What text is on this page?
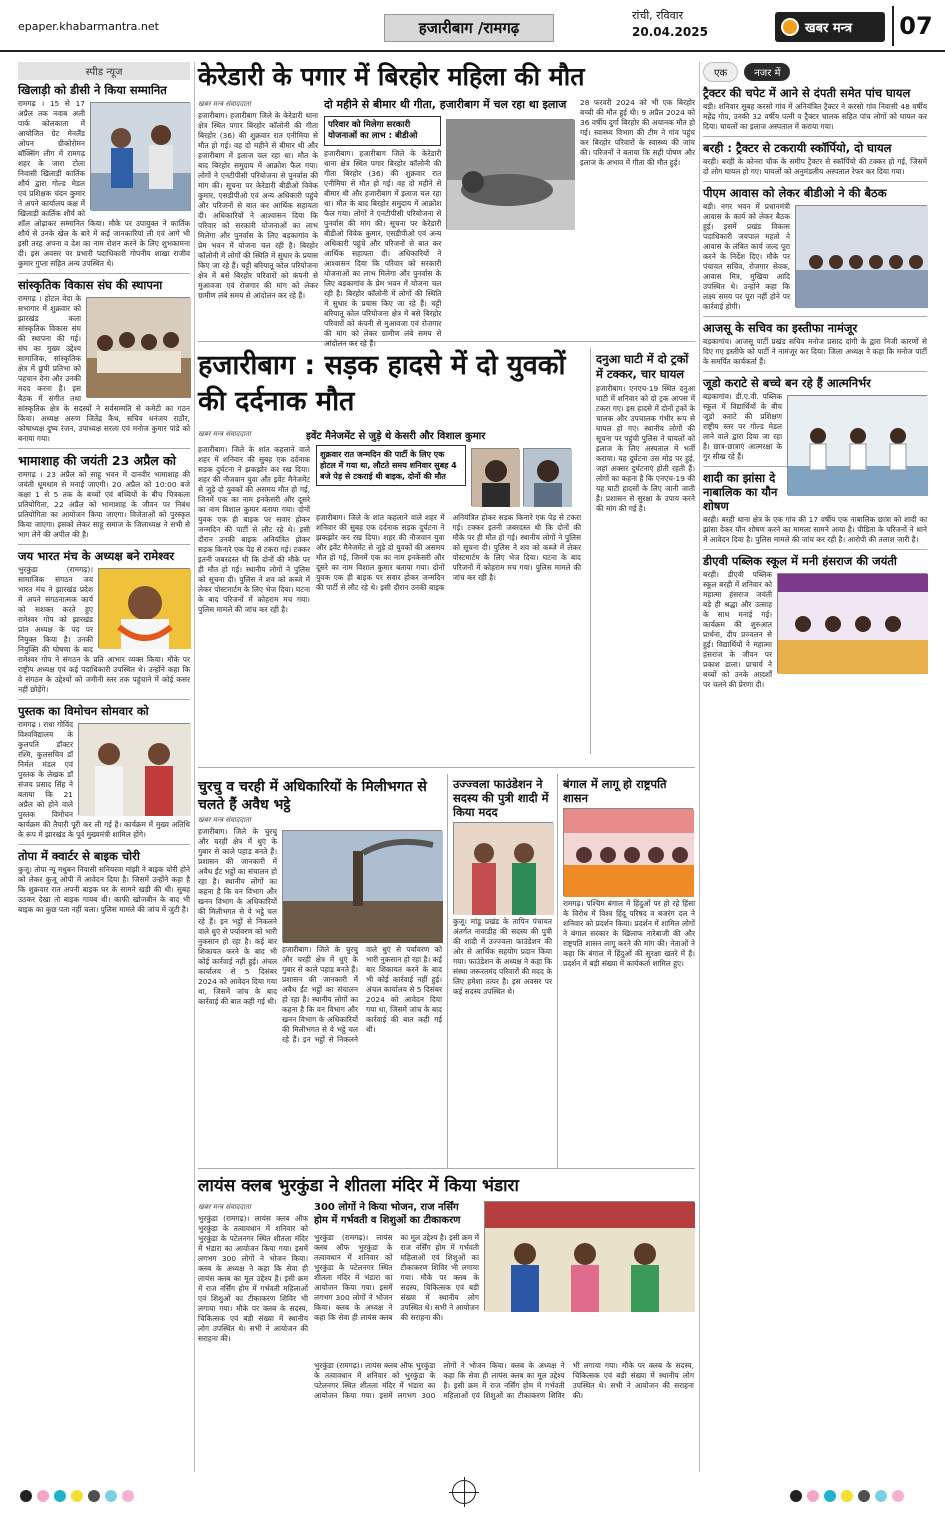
epaper.khabarmantra.net	हजारीबाग /रामगढ़
रांची, रविवार
20.04.2025	खबर मन्त्र	07
स्पीड न्यूज
खिलाड़ी को डीसी ने किया सम्मानित
रामगढ़ । 15 से 17 अप्रैल तक नवाब अली पार्क कोलकाता में आयोजित ग्रेट मेनलैंड ओपन ग्रीकोरोमन बॉक्सिंग लीग में रामगढ़ शहर के जारा टोला निवासी खिलाड़ी कार्तिक शौर्य द्वारा गोल्ड मेडल एवं प्रशिक्षक चंदन कुमार ने अपने कार्यालय कक्ष में खिलाड़ी कार्तिक शौर्य को शॉल ओढ़ाकर सम्मानित किया। मौके पर उपायुक्त ने कार्तिक शौर्य से उनके खेल के बारे में कई जानकारियां ली एवं आगे भी इसी तरह अपना व देश का नाम रोशन करने के लिए शुभकामना दी। इस अवसर पर प्रभारी पदाधिकारी गोपनीय शाखा राजीव कुमार गुप्ता सहित अन्य उपस्थित थे।
सांस्कृतिक विकास संघ की स्थापना
रामगढ़ । होटल वेदा के सभागार में शुक्रवार को झारखंड कला सांस्कृतिक विकास संघ की स्थापना की गई। संघ का मुख्य उद्देश्य सामाजिक, सांस्कृतिक क्षेत्र में छुपी प्रतिभा को पहचान देना और उनकी मदद करना है। इस बैठक में संगीत तथा सांस्कृतिक क्षेत्र के सदस्यों ने सर्वसम्मति से कमेटी का गठन किया। अध्यक्ष अरुण जितेंद्र कैथ, सचिव धनंजय राठौर, कोषाध्यक्ष दुष्य रंजन, उपाध्यक्ष सरला एवं मनोज कुमार पांडे को बनाया गया।
भामाशाह की जयंती 23 अप्रैल को
रामगढ़ । 23 अप्रैल को साहू भवन में दानवीर भामाशाह की जयंती धूमधाम से मनाई जाएगी। 20 अप्रैल को 10:00 बजे कक्षा 1 से 5 तक के बच्चों एवं बच्चियों के बीच चित्रकला प्रतियोगिता, 22 अप्रैल को भामाशाह के जीवन पर निबंध प्रतियोगिता का आयोजन किया जाएगा। विजेताओं को पुरस्कृत किया जाएगा। इसको लेकर साहू समाज के जिलाध्यक्ष ने सभी से भाग लेने की अपील की है।
जय भारत मंच के अध्यक्ष बने रामेश्वर
भुरकुंडा (रामगढ़)। सामाजिक संगठन जय भारत मंच ने झारखंड प्रदेश में अपने संगठनात्मक कार्य को सशक्त करते हुए रामेश्वर गोप को झारखंड प्रांत अध्यक्ष के पद पर नियुक्त किया है। उनकी नियुक्ति की घोषणा के बाद रामेश्वर गोप ने संगठन के प्रति आभार व्यक्त किया। मौके पर राष्ट्रीय अध्यक्ष एवं कई पदाधिकारी उपस्थित थे। उन्होंने कहा कि वे संगठन के उद्देश्यों को जमीनी स्तर तक पहुंचाने में कोई कसर नहीं छोड़ेंगे।
पुस्तक का विमोचन सोमवार को
रामगढ़ । राधा गोविंद विश्वविद्यालय के कुलपति डॉक्टर रश्मि, कुलसचिव डॉ निर्मल मंडल एवं पुस्तक के लेखक डॉ संजय प्रसाद सिंह ने बताया कि 21 अप्रैल को होने वाले पुस्तक विमोचन कार्यक्रम की तैयारी पूरी कर ली गई है। कार्यक्रम में मुख्य अतिथि के रूप में झारखंड के पूर्व मुख्यमंत्री शामिल होंगे।
तोपा में क्वार्टर से बाइक चोरी
कुजू। तोपा न्यू मधुबन निवासी सनियरवा मांझी ने बाइक चोरी होने को लेकर कुजू ओपी में आवेदन दिया है। जिसमें उन्होंने कहा है कि शुक्रवार रात अपनी बाइक घर के सामने खड़ी की थी। सुबह उठकर देखा तो बाइक गायब थी। काफी खोजबीन के बाद भी बाइक का कुछ पता नहीं चला। पुलिस मामले की जांच में जुटी है।
केरेडारी के पगार में बिरहोर महिला की मौत
खबर मन्त्र संवाददाता
हजारीबाग। हजारीबाग जिले के केरेडारी थाना क्षेत्र स्थित पगार बिरहोर कॉलोनी की गीता बिरहोर (36) की शुक्रवार रात एनीमिया से मौत हो गई। वह दो महीने से बीमार थी और हजारीबाग में इलाज चल रहा था। मौत के बाद बिरहोर समुदाय में आक्रोश फैल गया। लोगों ने एनटीपीसी परियोजना से पुनर्वास की मांग की। सूचना पर केरेडारी बीडीओ विवेक कुमार, एसडीपीओ एवं अन्य अधिकारी पहुंचे और परिजनों से बात कर आर्थिक सहायता दी। अधिकारियों ने आश्वासन दिया कि परिवार को सरकारी योजनाओं का लाभ मिलेगा और पुनर्वास के लिए बड़कागांव के प्रेम भवन में योजना चल रही है। बिरहोर कॉलोनी में लोगों की स्थिति में सुधार के प्रयास किए जा रहे हैं। चट्टी बरियातू कोल परियोजना क्षेत्र में बसे बिरहोर परिवारों को कंपनी से मुआवजा एवं रोजगार की मांग को लेकर ग्रामीण लंबे समय से आंदोलन कर रहे हैं।
दो महीने से बीमार थी गीता, हजारीबाग में चल रहा था इलाज
परिवार को मिलेगा सरकारी योजनाओं का लाभ : बीडीओ
हजारीबाग। हजारीबाग जिले के केरेडारी थाना क्षेत्र स्थित पगार बिरहोर कॉलोनी की गीता बिरहोर (36) की शुक्रवार रात एनीमिया से मौत हो गई। वह दो महीने से बीमार थी और हजारीबाग में इलाज चल रहा था। मौत के बाद बिरहोर समुदाय में आक्रोश फैल गया। लोगों ने एनटीपीसी परियोजना से पुनर्वास की मांग की। सूचना पर केरेडारी बीडीओ विवेक कुमार, एसडीपीओ एवं अन्य अधिकारी पहुंचे और परिजनों से बात कर आर्थिक सहायता दी। अधिकारियों ने आश्वासन दिया कि परिवार को सरकारी योजनाओं का लाभ मिलेगा और पुनर्वास के लिए बड़कागांव के प्रेम भवन में योजना चल रही है। बिरहोर कॉलोनी में लोगों की स्थिति में सुधार के प्रयास किए जा रहे हैं। चट्टी बरियातू कोल परियोजना क्षेत्र में बसे बिरहोर परिवारों को कंपनी से मुआवजा एवं रोजगार की मांग को लेकर ग्रामीण लंबे समय से आंदोलन कर रहे हैं।
28 फरवरी 2024 को भी एक बिरहोर बच्ची की मौत हुई थी। 9 अप्रैल 2024 को 36 वर्षीय दुर्गा बिरहोर की अचानक मौत हो गई। स्वास्थ्य विभाग की टीम ने गांव पहुंच कर बिरहोर परिवारों के स्वास्थ्य की जांच की। परिजनों ने बताया कि सही पोषण और इलाज के अभाव में गीता की मौत हुई।
हजारीबाग : सड़क हादसे में दो युवकों की दर्दनाक मौत
खबर मन्त्र संवाददाता	इवेंट मैनेजमेंट से जुड़े थे केसरी और विशाल कुमार
हजारीबाग। जिले के शांत कहलाने वाले शहर में शनिवार की सुबह एक दर्दनाक सड़क दुर्घटना ने झकझोर कर रख दिया। शहर की नौजवान युवा और इवेंट मैनेजमेंट से जुड़े दो युवकों की असमय मौत हो गई, जिनमें एक का नाम इनकेसरी और दूसरे का नाम विशाल कुमार बताया गया। दोनों युवक एक ही बाइक पर सवार होकर जन्मदिन की पार्टी से लौट रहे थे। इसी दौरान उनकी बाइक अनियंत्रित होकर सड़क किनारे एक पेड़ से टकरा गई। टक्कर इतनी जबरदस्त थी कि दोनों की मौके पर ही मौत हो गई। स्थानीय लोगों ने पुलिस को सूचना दी। पुलिस ने शव को कब्जे में लेकर पोस्टमार्टम के लिए भेज दिया। घटना के बाद परिजनों में कोहराम मच गया। पुलिस मामले की जांच कर रही है।
शुक्रवार रात जन्मदिन की पार्टी के लिए एक होटल में गया था, लौटते समय शनिवार सुबह 4 बजे पेड़ से टकराई थी बाइक, दोनों की मौत
हजारीबाग। जिले के शांत कहलाने वाले शहर में शनिवार की सुबह एक दर्दनाक सड़क दुर्घटना ने झकझोर कर रख दिया। शहर की नौजवान युवा और इवेंट मैनेजमेंट से जुड़े दो युवकों की असमय मौत हो गई, जिनमें एक का नाम इनकेसरी और दूसरे का नाम विशाल कुमार बताया गया। दोनों युवक एक ही बाइक पर सवार होकर जन्मदिन की पार्टी से लौट रहे थे। इसी दौरान उनकी बाइक अनियंत्रित होकर सड़क किनारे एक पेड़ से टकरा गई। टक्कर इतनी जबरदस्त थी कि दोनों की मौके पर ही मौत हो गई। स्थानीय लोगों ने पुलिस को सूचना दी। पुलिस ने शव को कब्जे में लेकर पोस्टमार्टम के लिए भेज दिया। घटना के बाद परिजनों में कोहराम मच गया। पुलिस मामले की जांच कर रही है।
दनुआ घाटी में दो ट्रकों में टक्कर, चार घायल
हजारीबाग। एनएच-19 स्थित दनुआ घाटी में शनिवार को दो ट्रक आपस में टकरा गए। इस हादसे में दोनों ट्रकों के चालक और उपचालक गंभीर रूप से घायल हो गए। स्थानीय लोगों की सूचना पर पहुंची पुलिस ने घायलों को इलाज के लिए अस्पताल में भर्ती कराया। यह दुर्घटना उस मोड़ पर हुई, जहां अक्सर दुर्घटनाएं होती रहती हैं। लोगों का कहना है कि एनएच-19 की यह घाटी हादसों के लिए जानी जाती है। प्रशासन से सुरक्षा के उपाय करने की मांग की गई है।
चुरचु व चरही में अधिकारियों के मिलीभगत से चलते हैं अवैध भट्ठे
खबर मन्त्र संवाददाता
हजारीबाग। जिले के चुरचु और चरही क्षेत्र में धुएं के गुबार से काले पहाड़ बनते हैं। प्रशासन की जानकारी में अवैध ईंट भट्ठों का संचालन हो रहा है। स्थानीय लोगों का कहना है कि वन विभाग और खनन विभाग के अधिकारियों की मिलीभगत से ये भट्ठे चल रहे हैं। इन भट्ठों से निकलने वाले धुएं से पर्यावरण को भारी नुकसान हो रहा है। कई बार शिकायत करने के बाद भी कोई कार्रवाई नहीं हुई। अंचल कार्यालय से 5 दिसंबर 2024 को आवेदन दिया गया था, जिसमें जांच के बाद कार्रवाई की बात कही गई थी।
हजारीबाग। जिले के चुरचु और चरही क्षेत्र में धुएं के गुबार से काले पहाड़ बनते हैं। प्रशासन की जानकारी में अवैध ईंट भट्ठों का संचालन हो रहा है। स्थानीय लोगों का कहना है कि वन विभाग और खनन विभाग के अधिकारियों की मिलीभगत से ये भट्ठे चल रहे हैं। इन भट्ठों से निकलने वाले धुएं से पर्यावरण को भारी नुकसान हो रहा है। कई बार शिकायत करने के बाद भी कोई कार्रवाई नहीं हुई। अंचल कार्यालय से 5 दिसंबर 2024 को आवेदन दिया गया था, जिसमें जांच के बाद कार्रवाई की बात कही गई थी।
उज्ज्वला फाउंडेशन ने सदस्य की पुत्री शादी में किया मदद
कुजू। मांडू प्रखंड के तापिन पंचायत अंतर्गत नावाडीह की सदस्य की पुत्री की शादी में उज्ज्वला फाउंडेशन की ओर से आर्थिक सहयोग प्रदान किया गया। फाउंडेशन के अध्यक्ष ने कहा कि संस्था जरूरतमंद परिवारों की मदद के लिए हमेशा तत्पर है। इस अवसर पर कई सदस्य उपस्थित थे।
बंगाल में लागू हो राष्ट्रपति शासन
रामगढ़। पश्चिम बंगाल में हिंदुओं पर हो रहे हिंसा के विरोध में विश्व हिंदू परिषद व बजरंग दल ने शनिवार को प्रदर्शन किया। प्रदर्शन में शामिल लोगों ने बंगाल सरकार के खिलाफ नारेबाजी की और राष्ट्रपति शासन लागू करने की मांग की। नेताओं ने कहा कि बंगाल में हिंदुओं की सुरक्षा खतरे में है। प्रदर्शन में बड़ी संख्या में कार्यकर्ता शामिल हुए।
लायंस क्लब भुरकुंडा ने शीतला मंदिर में किया भंडारा
खबर मन्त्र संवाददाता
भुरकुंडा (रामगढ़)। लायंस क्लब ऑफ भुरकुंडा के तत्वावधान में शनिवार को भुरकुंडा के पटेलनगर स्थित शीतला मंदिर में भंडारा का आयोजन किया गया। इसमें लगभग 300 लोगों ने भोजन किया। क्लब के अध्यक्ष ने कहा कि सेवा ही लायंस क्लब का मूल उद्देश्य है। इसी क्रम में राज नर्सिंग होम में गर्भवती महिलाओं एवं शिशुओं का टीकाकरण शिविर भी लगाया गया। मौके पर क्लब के सदस्य, चिकित्सक एवं बड़ी संख्या में स्थानीय लोग उपस्थित थे। सभी ने आयोजन की सराहना की।
300 लोगों ने किया भोजन, राज नर्सिंग होम में गर्भवती व शिशुओं का टीकाकरण
भुरकुंडा (रामगढ़)। लायंस क्लब ऑफ भुरकुंडा के तत्वावधान में शनिवार को भुरकुंडा के पटेलनगर स्थित शीतला मंदिर में भंडारा का आयोजन किया गया। इसमें लगभग 300 लोगों ने भोजन किया। क्लब के अध्यक्ष ने कहा कि सेवा ही लायंस क्लब का मूल उद्देश्य है। इसी क्रम में राज नर्सिंग होम में गर्भवती महिलाओं एवं शिशुओं का टीकाकरण शिविर भी लगाया गया। मौके पर क्लब के सदस्य, चिकित्सक एवं बड़ी संख्या में स्थानीय लोग उपस्थित थे। सभी ने आयोजन की सराहना की।
भुरकुंडा (रामगढ़)। लायंस क्लब ऑफ भुरकुंडा के तत्वावधान में शनिवार को भुरकुंडा के पटेलनगर स्थित शीतला मंदिर में भंडारा का आयोजन किया गया। इसमें लगभग 300 लोगों ने भोजन किया। क्लब के अध्यक्ष ने कहा कि सेवा ही लायंस क्लब का मूल उद्देश्य है। इसी क्रम में राज नर्सिंग होम में गर्भवती महिलाओं एवं शिशुओं का टीकाकरण शिविर भी लगाया गया। मौके पर क्लब के सदस्य, चिकित्सक एवं बड़ी संख्या में स्थानीय लोग उपस्थित थे। सभी ने आयोजन की सराहना की।
एक	नजर में
ट्रैक्टर की चपेट में आने से दंपती समेत पांच घायल
बड़ी। शनिवार सुबह करसो गांव में अनियंत्रित ट्रैक्टर ने करसो गांव निवासी 48 वर्षीय महेंद्र गोप, उनकी 32 वर्षीय पत्नी व ट्रैक्टर चालक सहित पांच लोगों को घायल कर दिया। घायलों का इलाज अस्पताल में कराया गया।
बरही : ट्रैक्टर से टकरायी स्कॉर्पियो, दो घायल
बरही। बरही के कोनरा चौक के समीप ट्रैक्टर से स्कॉर्पियो की टक्कर हो गई, जिसमें दो लोग घायल हो गए। घायलों को अनुमंडलीय अस्पताल रेफर कर दिया गया।
पीएम आवास को लेकर बीडीओ ने की बैठक
बड़ी। नगर भवन में प्रधानमंत्री आवास के कार्य को लेकर बैठक हुई। इसमें प्रखंड विकास पदाधिकारी जयपाल महतो ने आवास के लंबित कार्य जल्द पूरा करने के निर्देश दिए। मौके पर पंचायत सचिव, रोजगार सेवक, आवास मित्र, मुखिया आदि उपस्थित थे। उन्होंने कहा कि लक्ष्य समय पर पूरा नहीं होने पर कार्रवाई होगी।
आजसू के सचिव का इस्तीफा नामंजूर
बड़कागांव। आजसू पार्टी प्रखंड सचिव मनोज प्रसाद दांगी के द्वारा निजी कारणों से दिए गए इस्तीफे को पार्टी ने नामंजूर कर दिया। जिला अध्यक्ष ने कहा कि मनोज पार्टी के समर्पित कार्यकर्ता हैं।
जूडो कराटे से बच्चे बन रहे हैं आत्मनिर्भर
बड़कागांव। डी.ए.वी. पब्लिक स्कूल में विद्यार्थियों के बीच जूडो कराटे की प्रशिक्षण राष्ट्रीय स्तर पर गोल्ड मेडल लाने वाले द्वारा दिया जा रहा है। छात्र-छात्राएं आत्मरक्षा के गुर सीख रहे हैं।
शादी का झांसा दे नाबालिक का यौन शोषण
बरही। बरही थाना क्षेत्र के एक गांव की 17 वर्षीय एक नाबालिक छात्रा को शादी का झांसा देकर यौन शोषण करने का मामला सामने आया है। पीड़िता के परिजनों ने थाने में आवेदन दिया है। पुलिस मामले की जांच कर रही है। आरोपी की तलाश जारी है।
डीएवी पब्लिक स्कूल में मनी हंसराज की जयंती
बरही। डीएवी पब्लिक स्कूल बरही में शनिवार को महात्मा हंसराज जयंती बड़े ही श्रद्धा और उत्साह के साथ मनाई गई। कार्यक्रम की शुरुआत प्रार्थना, दीप प्रज्वलन से हुई। विद्यार्थियों ने महात्मा हंसराज के जीवन पर प्रकाश डाला। प्राचार्य ने बच्चों को उनके आदर्शों पर चलने की प्रेरणा दी।
